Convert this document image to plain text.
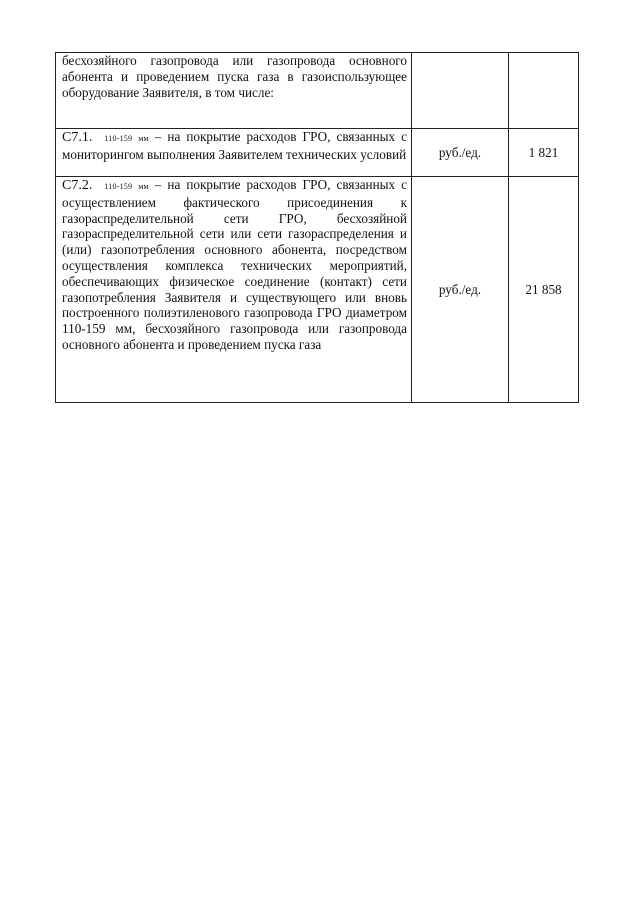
бесхозяйного газопровода или газопровода основного абонента и проведением пуска газа в газоиспользующее оборудование Заявителя, в том числе:		

С7.1. 110-159 мм – на покрытие расходов ГРО, связанных с мониторингом выполнения Заявителем технических условий	руб./ед.	1 821

С7.2. 110-159 мм – на покрытие расходов ГРО, связанных с осуществлением фактического присоединения к газораспределительной сети ГРО, бесхозяйной газораспределительной сети или сети газораспределения и (или) газопотребления основного абонента, посредством осуществления комплекса технических мероприятий, обеспечивающих физическое соединение (контакт) сети газопотребления Заявителя и существующего или вновь построенного полиэтиленового газопровода ГРО диаметром 110-159 мм, бесхозяйного газопровода или газопровода основного абонента и проведением пуска газа	руб./ед.	21 858
